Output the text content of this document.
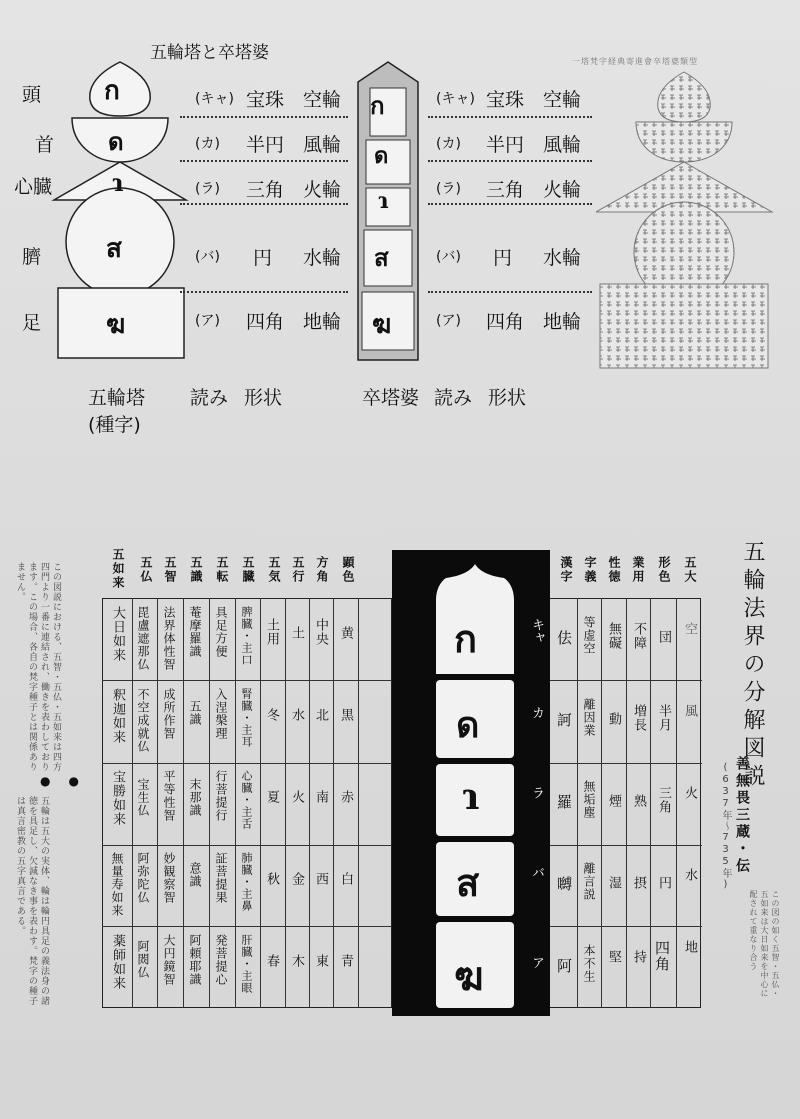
五輪塔と卒塔婆	一塔梵字経典寄進會卒塔婆類型
頭
首
心臓
臍
足
ก
ด
ɿ
ส
ฆ
(キャ) 宝珠 空輪
(カ) 半円 風輪
(ラ) 三角 火輪
(バ) 円 水輪
(ア) 四角 地輪
ก
ด
ɿ
ส
ฆ
(キャ) 宝珠 空輪
(カ) 半円 風輪
(ラ) 三角 火輪
(バ) 円 水輪
(ア) 四角 地輪
五輪塔
(種字)
読み 形状	卒塔婆 読み 形状
この図説における、五智・五仏・五如来は四方四門より一番に連結され、働きを表わしております。この場合、各自の梵字種子とは関係ありません。
●●
五輪は五大の実体、輪は輪円具足の義法身の諸徳を具足し、欠減なき事を表わす。梵字の種子は真言密教の五字真言である。
五如来 五仏 五智 五識 五転 五臓 五気 五行 方角 顕色
大日如来 毘盧遮那仏 法界体性智 菴摩羅識 具足方便 脾臓・主口 土用 土 中央 黄
釈迦如来 不空成就仏 成所作智 五識 入涅槃理 腎臓・主耳 冬 水 北 黒
宝勝如来 宝生仏 平等性智 末那識 行菩提行 心臓・主舌 夏 火 南 赤
無量寿如来 阿弥陀仏 妙観察智 意識 証菩提果 肺臓・主鼻 秋 金 西 白
薬師如来 阿閦仏 大円鏡智 阿頼耶識 発菩提心 肝臓・主眼 春 木 東 青
ก
ด
ɿ
ส
ฆ
キャ
カ
ラ
バ
ア
漢字 字義 性徳 業用 形色 五大
佉 等虚空 無礙 不障 団
空
訶 離因業 動 増長 半月 風
羅 無垢塵 煙 熟 三角 火
嚩 離言説 湿 摂 円
水
阿 本不生 堅 持 四角 地
五輪法界の分解図説
善無畏三蔵・伝
(637年〜735年)
この図の如く五智・五仏・五如来は大日如来を中心に配されて重なり合う
